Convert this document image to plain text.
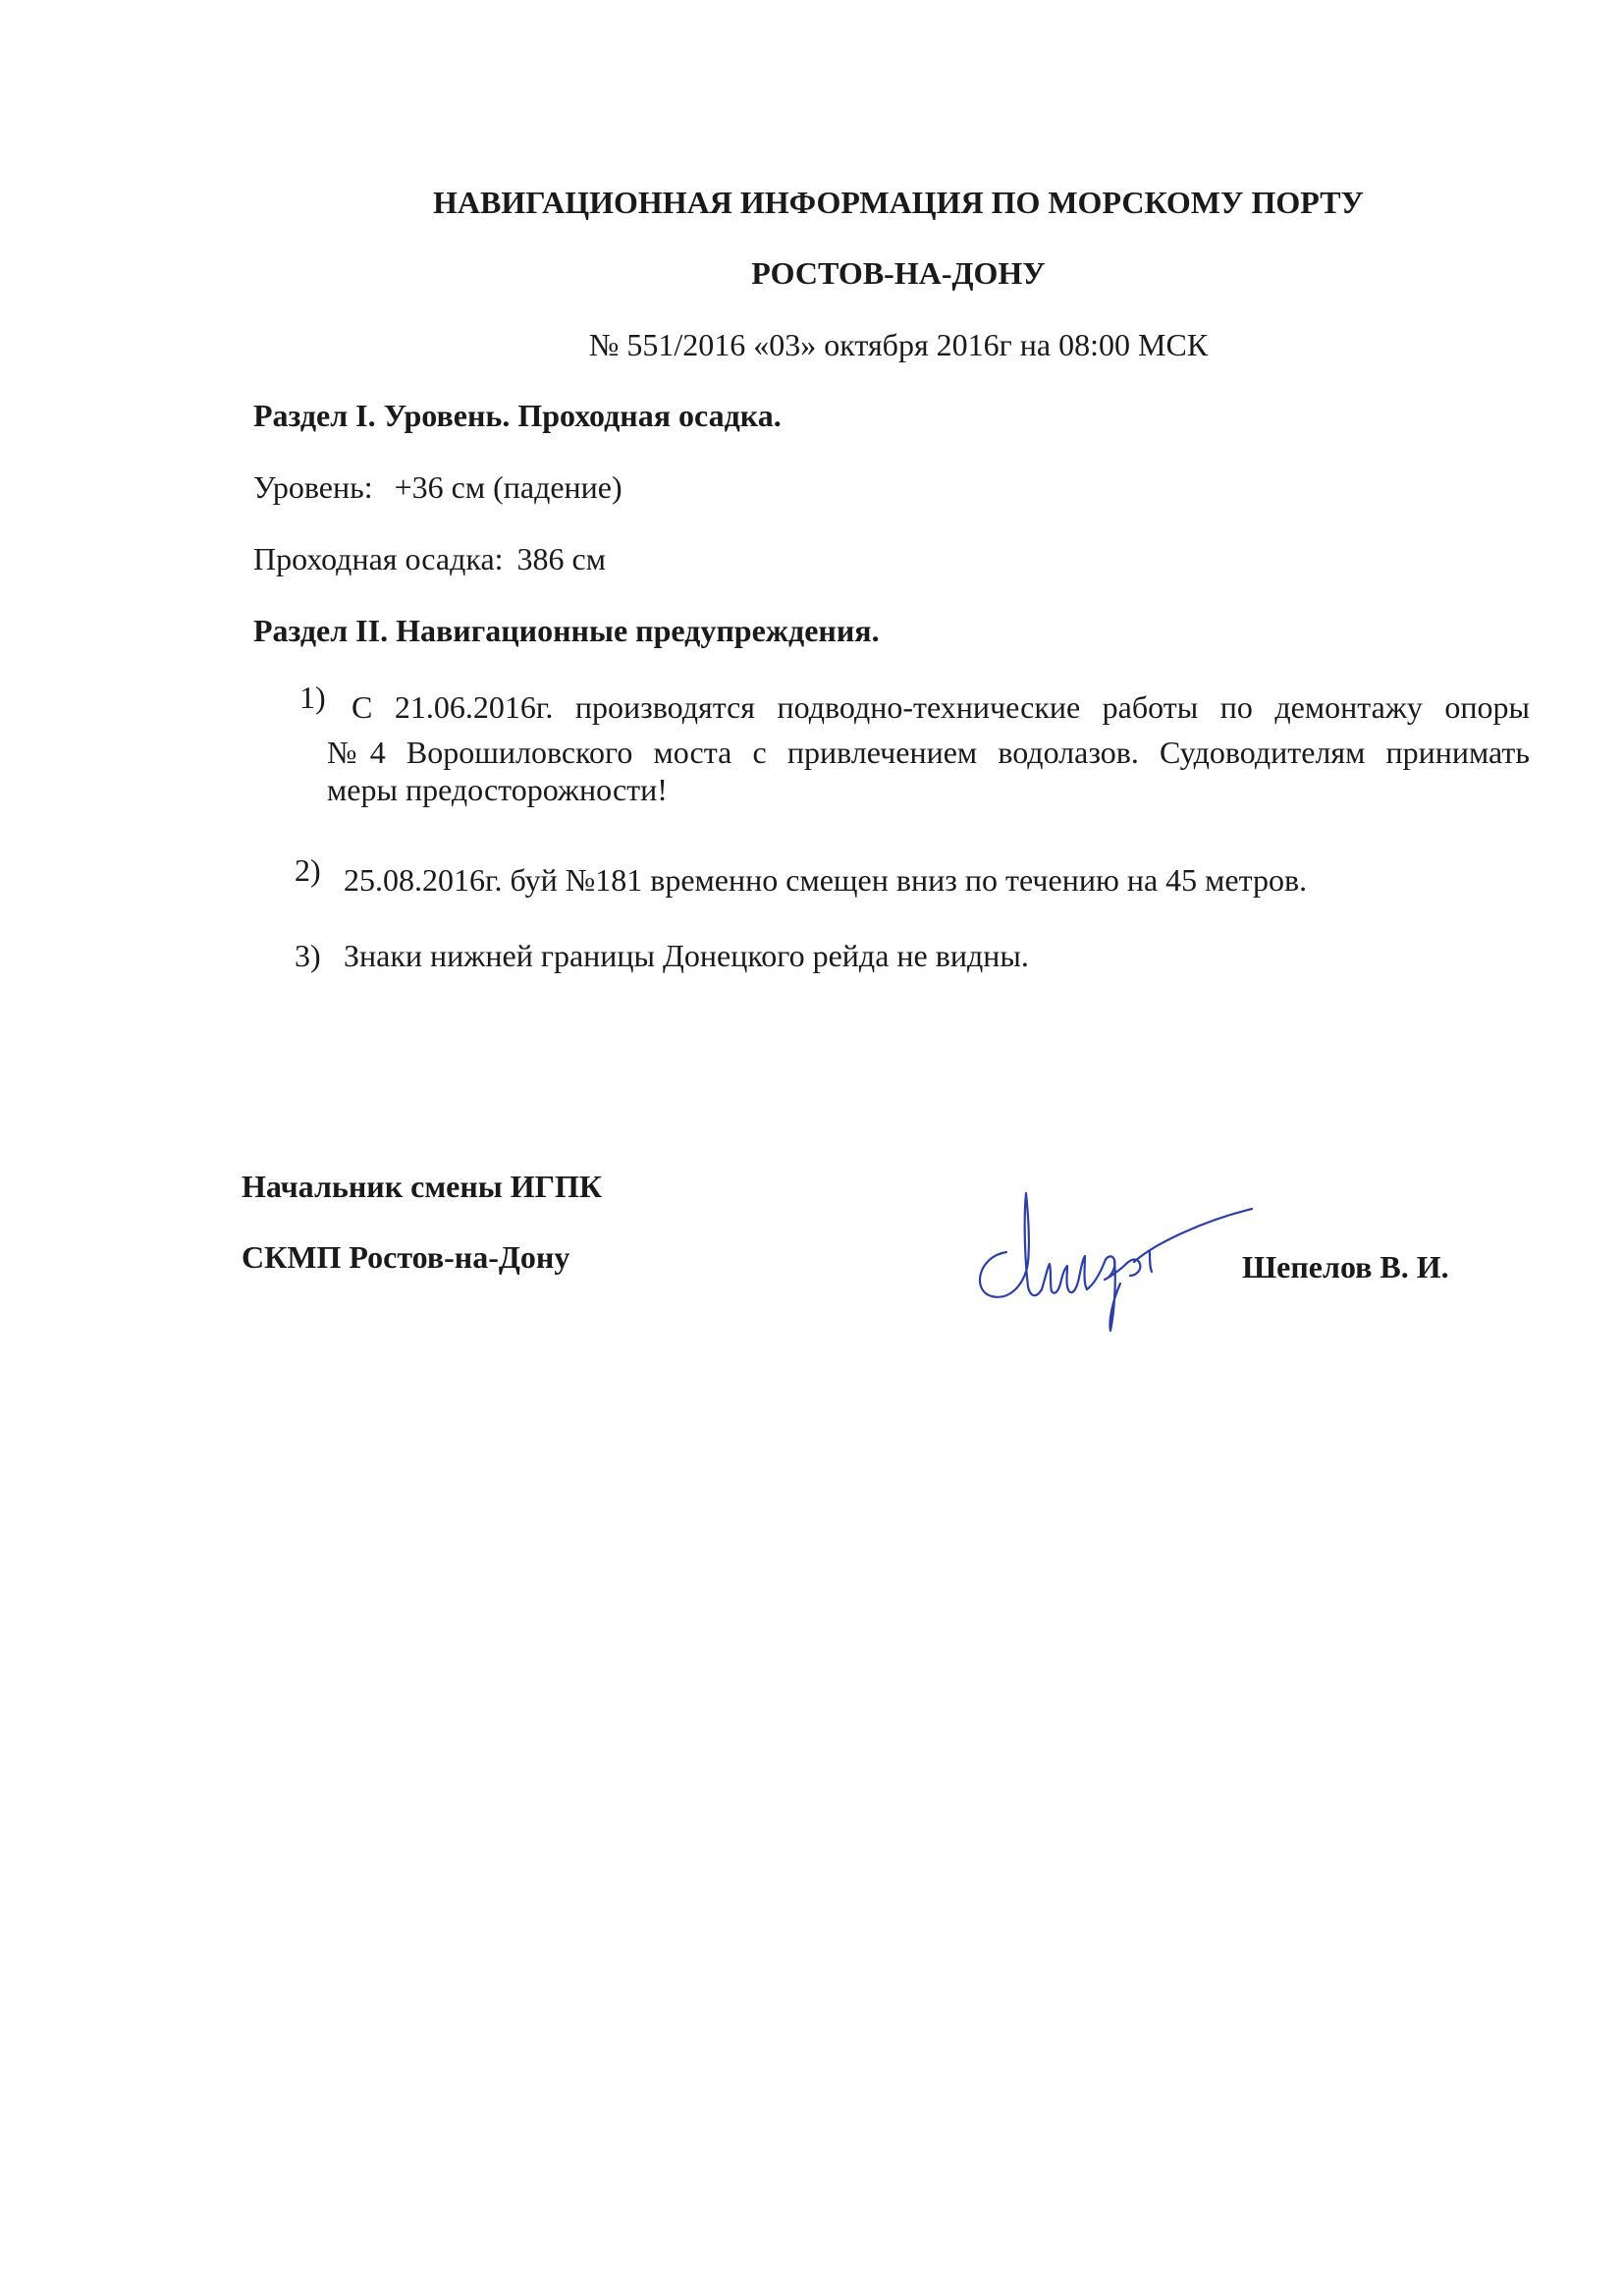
НАВИГАЦИОННАЯ ИНФОРМАЦИЯ ПО МОРСКОМУ ПОРТУ
РОСТОВ-НА-ДОНУ
№ 551/2016 «03» октября 2016г на 08:00 МСК
Раздел I. Уровень. Проходная осадка.
Уровень: +36 см (падение)
Проходная осадка: 386 см
Раздел II. Навигационные предупреждения.
1) С 21.06.2016г. производятся подводно-технические работы по демонтажу опоры
№4 Ворошиловского моста с привлечением водолазов. Судоводителям принимать
меры предосторожности!
2) 25.08.2016г. буй №181 временно смещен вниз по течению на 45 метров.
3) Знаки нижней границы Донецкого рейда не видны.
Начальник смены ИГПК
СКМП Ростов-на-Дону	Шепелов В. И.
